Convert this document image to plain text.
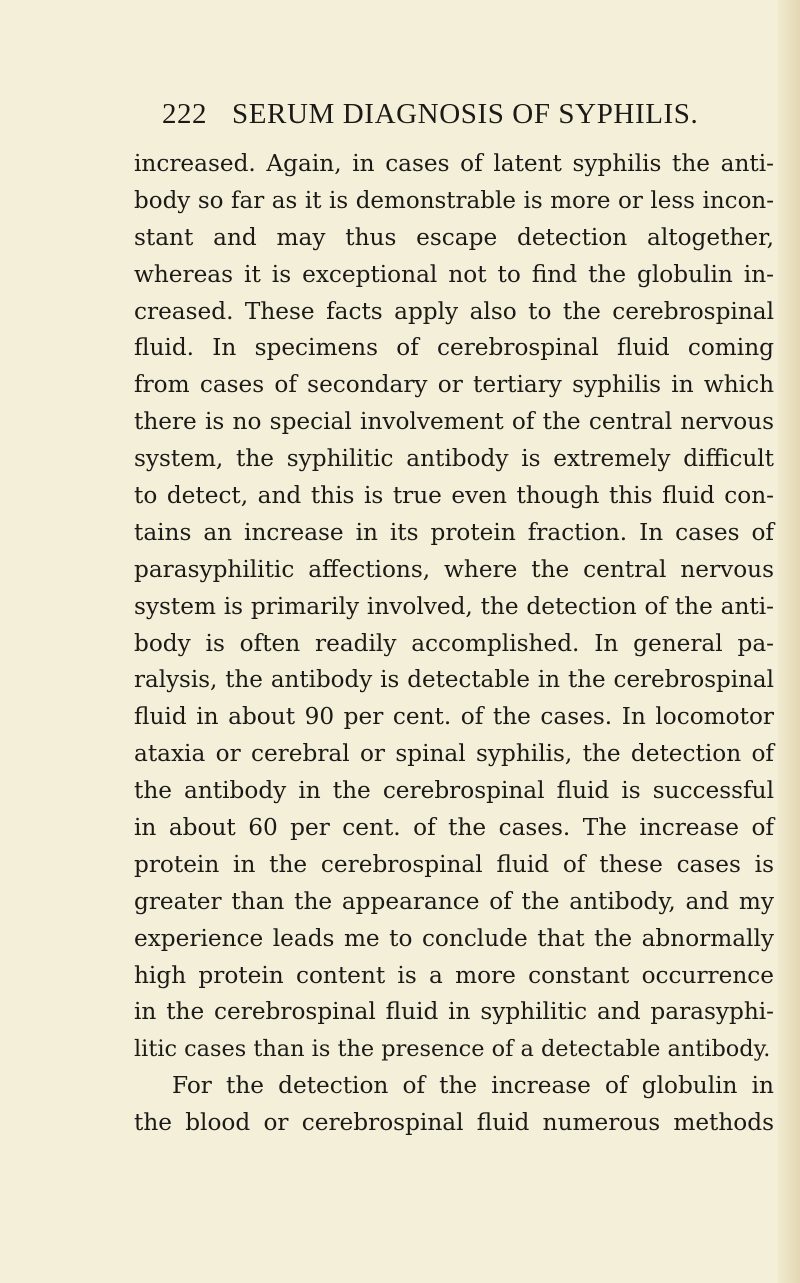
222 SERUM DIAGNOSIS OF SYPHILIS.
increased. Again, in cases of latent syphilis the anti-
body so far as it is demonstrable is more or less incon-
stant and may thus escape detection altogether,
whereas it is exceptional not to find the globulin in-
creased. These facts apply also to the cerebrospinal
fluid. In specimens of cerebrospinal fluid coming
from cases of secondary or tertiary syphilis in which
there is no special involvement of the central nervous
system, the syphilitic antibody is extremely difficult
to detect, and this is true even though this fluid con-
tains an increase in its protein fraction. In cases of
parasyphilitic affections, where the central nervous
system is primarily involved, the detection of the anti-
body is often readily accomplished. In general pa-
ralysis, the antibody is detectable in the cerebrospinal
fluid in about 90 per cent. of the cases. In locomotor
ataxia or cerebral or spinal syphilis, the detection of
the antibody in the cerebrospinal fluid is successful
in about 60 per cent. of the cases. The increase of
protein in the cerebrospinal fluid of these cases is
greater than the appearance of the antibody, and my
experience leads me to conclude that the abnormally
high protein content is a more constant occurrence
in the cerebrospinal fluid in syphilitic and parasyphi-
litic cases than is the presence of a detectable antibody.
For the detection of the increase of globulin in
the blood or cerebrospinal fluid numerous methods
